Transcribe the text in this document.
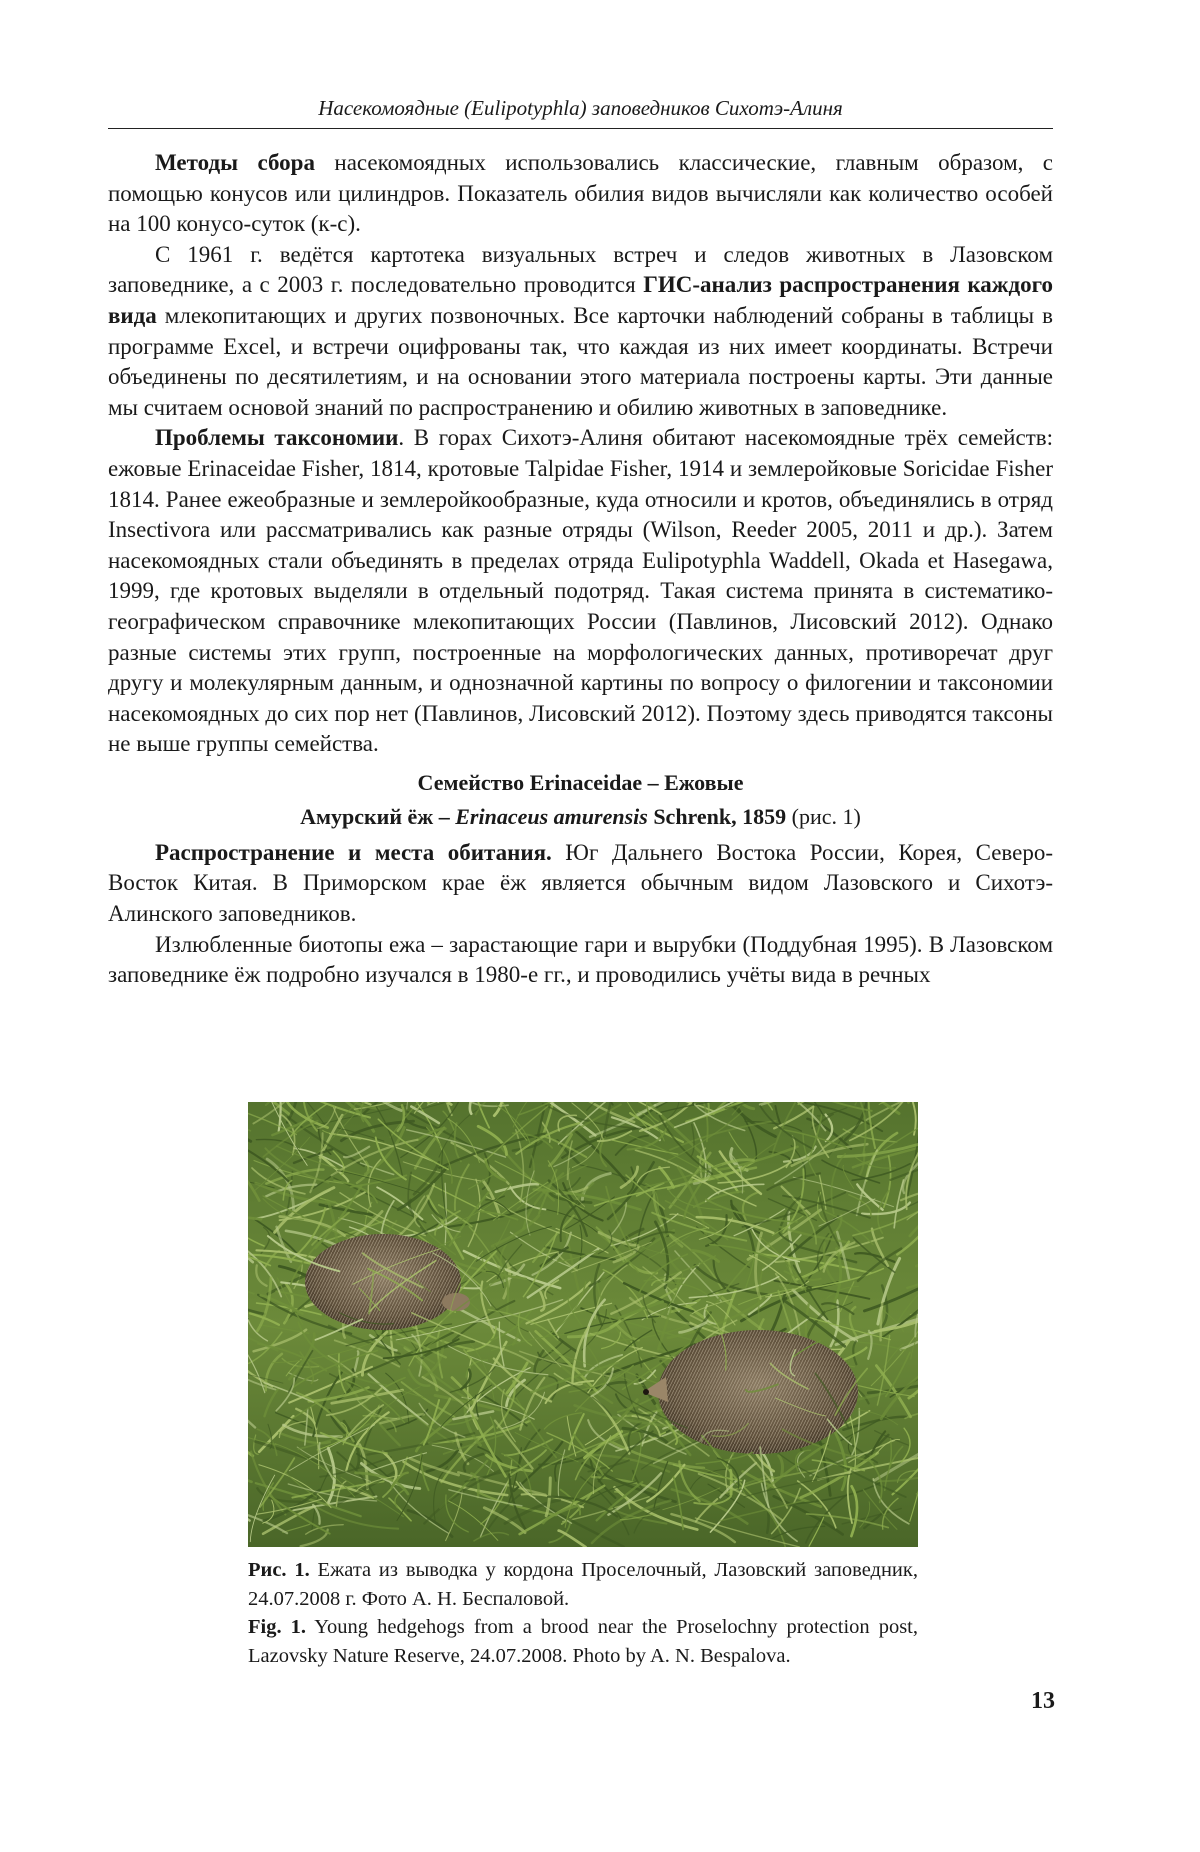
Насекомоядные (Eulipotyphla) заповедников Сихотэ-Алиня

Методы сбора насекомоядных использовались классические, главным образом, с помощью конусов или цилиндров. Показатель обилия видов вычисляли как количество особей на 100 конусо-суток (к-с).

С 1961 г. ведётся картотека визуальных встреч и следов животных в Лазовском заповеднике, а с 2003 г. последовательно проводится ГИС-анализ распространения каждого вида млекопитающих и других позвоночных. Все карточки наблюдений собраны в таблицы в программе Excel, и встречи оцифрованы так, что каждая из них имеет координаты. Встречи объединены по десятилетиям, и на основании этого материала построены карты. Эти данные мы считаем основой знаний по распространению и обилию животных в заповеднике.

Проблемы таксономии. В горах Сихотэ-Алиня обитают насекомоядные трёх семейств: ежовые Erinaceidae Fisher, 1814, кротовые Talpidae Fisher, 1914 и землеройковые Soricidae Fisher 1814. Ранее ежеобразные и землеройкообразные, куда относили и кротов, объединялись в отряд Insectivora или рассматривались как разные отряды (Wilson, Reeder 2005, 2011 и др.). Затем насекомоядных стали объединять в пределах отряда Eulipotyphla Waddell, Okada et Hasegawa, 1999, где кротовых выделяли в отдельный подотряд. Такая система принята в систематико-географическом справочнике млекопитающих России (Павлинов, Лисовский 2012). Однако разные системы этих групп, построенные на морфологических данных, противоречат друг другу и молекулярным данным, и однозначной картины по вопросу о филогении и таксономии насекомоядных до сих пор нет (Павлинов, Лисовский 2012). Поэтому здесь приводятся таксоны не выше группы семейства.

Семейство Erinaceidae – Ежовые
Амурский ёж – Erinaceus amurensis Schrenk, 1859 (рис. 1)

Распространение и места обитания. Юг Дальнего Востока России, Корея, Северо-Восток Китая. В Приморском крае ёж является обычным видом Лазовского и Сихотэ-Алинского заповедников.

Излюбленные биотопы ежа – зарастающие гари и вырубки (Поддубная 1995). В Лазовском заповеднике ёж подробно изучался в 1980-е гг., и проводились учёты вида в речных

Рис. 1. Ежата из выводка у кордона Проселочный, Лазовский заповедник, 24.07.2008 г. Фото А. Н. Беспаловой.

Fig. 1. Young hedgehogs from a brood near the Proselochny protection post, Lazovsky Nature Reserve, 24.07.2008. Photo by A. N. Bespalova.

13
